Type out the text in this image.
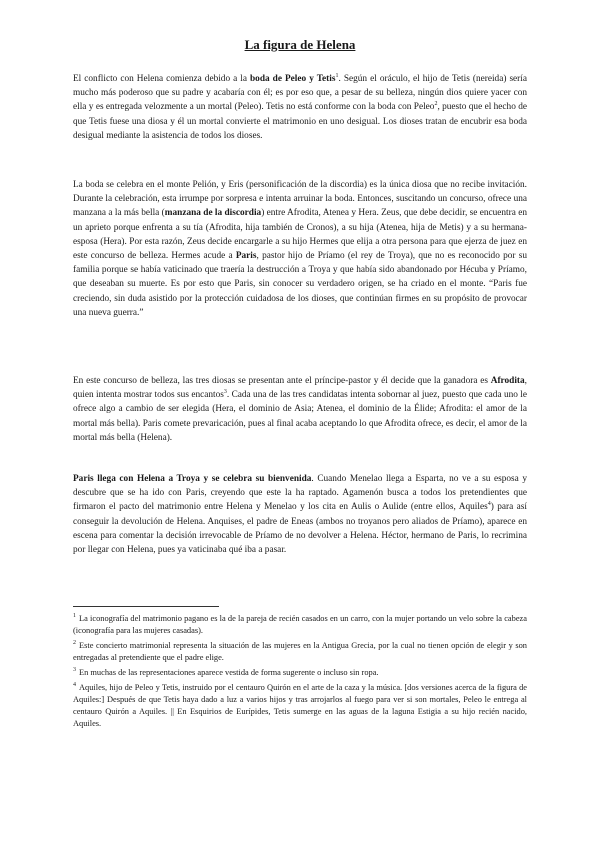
La figura de Helena

El conflicto con Helena comienza debido a la boda de Peleo y Tetis$^1$. Según el oráculo, el hijo de Tetis (nereida) sería mucho más poderoso que su padre y acabaría con él; es por eso que, a pesar de su belleza, ningún dios quiere yacer con ella y es entregada velozmente a un mortal (Peleo). Tetis no está conforme con la boda con Peleo$^2$, puesto que el hecho de que Tetis fuese una diosa y él un mortal convierte el matrimonio en uno desigual. Los dioses tratan de encubrir esa boda desigual mediante la asistencia de todos los dioses.

La boda se celebra en el monte Pelión, y Eris (personificación de la discordia) es la única diosa que no recibe invitación. Durante la celebración, esta irrumpe por sorpresa e intenta arruinar la boda. Entonces, suscitando un concurso, ofrece una manzana a la más bella (manzana de la discordia) entre Afrodita, Atenea y Hera. Zeus, que debe decidir, se encuentra en un aprieto porque enfrenta a su tía (Afrodita, hija también de Cronos), a su hija (Atenea, hija de Metis) y a su hermana-esposa (Hera). Por esta razón, Zeus decide encargarle a su hijo Hermes que elija a otra persona para que ejerza de juez en este concurso de belleza. Hermes acude a Paris, pastor hijo de Príamo (el rey de Troya), que no es reconocido por su familia porque se había vaticinado que traería la destrucción a Troya y que había sido abandonado por Hécuba y Príamo, que deseaban su muerte. Es por esto que Paris, sin conocer su verdadero origen, se ha criado en el monte. “Paris fue creciendo, sin duda asistido por la protección cuidadosa de los dioses, que continúan firmes en su propósito de provocar una nueva guerra.”

En este concurso de belleza, las tres diosas se presentan ante el príncipe-pastor y él decide que la ganadora es Afrodita, quien intenta mostrar todos sus encantos$^3$. Cada una de las tres candidatas intenta sobornar al juez, puesto que cada uno le ofrece algo a cambio de ser elegida (Hera, el dominio de Asia; Atenea, el dominio de la Élide; Afrodita: el amor de la mortal más bella). Paris comete prevaricación, pues al final acaba aceptando lo que Afrodita ofrece, es decir, el amor de la mortal más bella (Helena).

Paris llega con Helena a Troya y se celebra su bienvenida. Cuando Menelao llega a Esparta, no ve a su esposa y descubre que se ha ido con Paris, creyendo que este la ha raptado. Agamenón busca a todos los pretendientes que firmaron el pacto del matrimonio entre Helena y Menelao y los cita en Aulis o Aulide (entre ellos, Aquiles$^4$) para así conseguir la devolución de Helena. Anquises, el padre de Eneas (ambos no troyanos pero aliados de Príamo), aparece en escena para comentar la decisión irrevocable de Príamo de no devolver a Helena. Héctor, hermano de Paris, lo recrimina por llegar con Helena, pues ya vaticinaba qué iba a pasar.

$^1$ La iconografía del matrimonio pagano es la de la pareja de recién casados en un carro, con la mujer portando un velo sobre la cabeza (iconografía para las mujeres casadas).

$^2$ Este concierto matrimonial representa la situación de las mujeres en la Antigua Grecia, por la cual no tienen opción de elegir y son entregadas al pretendiente que el padre elige.

$^3$ En muchas de las representaciones aparece vestida de forma sugerente o incluso sin ropa.

$^4$ Aquiles, hijo de Peleo y Tetis, instruido por el centauro Quirón en el arte de la caza y la música. [dos versiones acerca de la figura de Aquiles:] Después de que Tetis haya dado a luz a varios hijos y tras arrojarlos al fuego para ver si son mortales, Peleo le entrega al centauro Quirón a Aquiles. || En Esquirios de Eurípides, Tetis sumerge en las aguas de la laguna Estigia a su hijo recién nacido, Aquiles.
